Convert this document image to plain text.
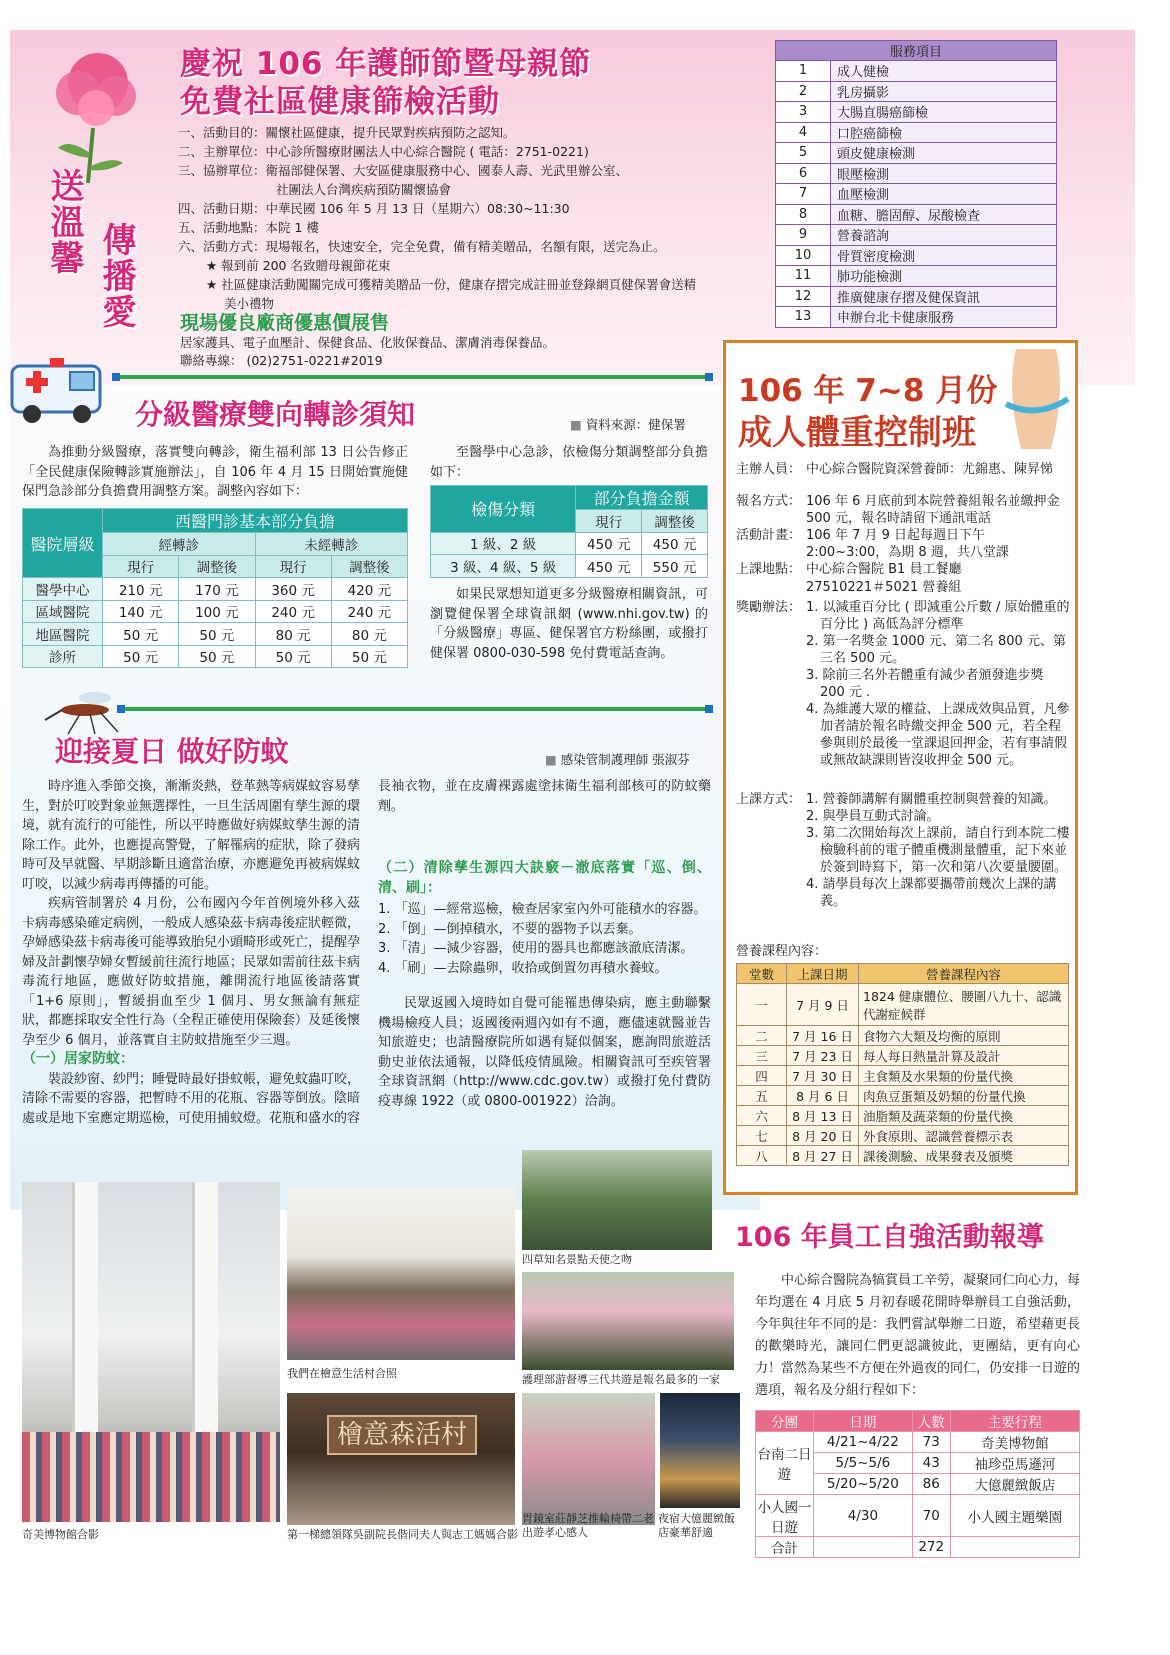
送溫馨 傳播愛
慶祝 106 年護師節暨母親節
免費社區健康篩檢活動
一、活動目的：關懷社區健康，提升民眾對疾病預防之認知。
二、主辦單位：中心診所醫療財團法人中心綜合醫院 ( 電話：2751-0221)
三、協辦單位：衛福部健保署、大安區健康服務中心、國泰人壽、光武里辦公室、
社團法人台灣疾病預防關懷協會
四、活動日期：中華民國 106 年 5 月 13 日（星期六）08:30~11:30
五、活動地點：本院 1 樓
六、活動方式：現場報名，快速安全，完全免費，備有精美贈品，名額有限，送完為止。
★ 報到前 200 名致贈母親節花束
★ 社區健康活動闖關完成可獲精美贈品一份，健康存摺完成註冊並登錄網頁健保署會送精
美小禮物
現場優良廠商優惠價展售
居家護具、電子血壓計、保健食品、化妝保養品、潔膚消毒保養品。
聯絡專線： (02)2751-0221#2019
服務項目	
1	成人健檢
2	乳房攝影
3	大腸直腸癌篩檢
4	口腔癌篩檢
5	頭皮健康檢測
6	眼壓檢測
7	血壓檢測
8	血糖、膽固醇、尿酸檢查
9	營養諮詢
10	骨質密度檢測
11	肺功能檢測
12	推廣健康存摺及健保資訊
13	申辦台北卡健康服務
分級醫療雙向轉診須知	■ 資料來源：健保署
為推動分級醫療，落實雙向轉診，衛生福利部 13 日公告修正「全民健康保險轉診實施辦法」，自 106 年 4 月 15 日開始實施健保門急診部分負擔費用調整方案。調整內容如下：
醫院層級	西醫門診基本部分負擔			
	經轉診		未經轉診	
	現行	調整後	現行	調整後
醫學中心	210 元	170 元	360 元	420 元
區域醫院	140 元	100 元	240 元	240 元
地區醫院	50 元	50 元	80 元	80 元
診所	50 元	50 元	50 元	50 元
至醫學中心急診，依檢傷分類調整部分負擔如下：
檢傷分類	部分負擔金額	
	現行	調整後
1 級、2 級	450 元	450 元
3 級、4 級、5 級	450 元	550 元
如果民眾想知道更多分級醫療相關資訊，可瀏覽健保署全球資訊網 (www.nhi.gov.tw) 的「分級醫療」專區、健保署官方粉絲團，或撥打健保署 0800-030-598 免付費電話查詢。
迎接夏日 做好防蚊	■ 感染管制護理師 張淑芬
時序進入季節交換，漸漸炎熱，登革熱等病媒蚊容易孳生，對於叮咬對象並無選擇性，一旦生活周圍有孳生源的環境，就有流行的可能性，所以平時應做好病媒蚊孳生源的清除工作。此外，也應提高警覺，了解罹病的症狀，除了發病時可及早就醫、早期診斷且適當治療，亦應避免再被病媒蚊叮咬，以減少病毒再傳播的可能。
疾病管制署於 4 月份，公布國內今年首例境外移入茲卡病毒感染確定病例，一般成人感染茲卡病毒後症狀輕微，孕婦感染茲卡病毒後可能導致胎兒小頭畸形或死亡，提醒孕婦及計劃懷孕婦女暫緩前往流行地區；民眾如需前往茲卡病毒流行地區，應做好防蚊措施，離開流行地區後請落實「1+6 原則」，暫緩捐血至少 1 個月、男女無論有無症狀，都應採取安全性行為（全程正確使用保險套）及延後懷孕至少 6 個月，並落實自主防蚊措施至少三週。
（一）居家防蚊：
裝設紗窗、紗門；睡覺時最好掛蚊帳，避免蚊蟲叮咬，清除不需要的容器，把暫時不用的花瓶、容器等倒放。陰暗處或是地下室應定期巡檢，可使用捕蚊燈。花瓶和盛水的容
長袖衣物，並在皮膚裸露處塗抹衛生福利部核可的防蚊藥劑。
（二）清除孳生源四大訣竅－澈底落實「巡、倒、清、刷」：
1. 「巡」—經常巡檢，檢查居家室內外可能積水的容器。
2. 「倒」—倒掉積水，不要的器物予以丟棄。
3. 「清」—減少容器，使用的器具也都應該澈底清潔。
4. 「刷」—去除蟲卵，收拾或倒置勿再積水養蚊。
民眾返國入境時如自覺可能罹患傳染病，應主動聯繫機場檢疫人員；返國後兩週內如有不適，應儘速就醫並告知旅遊史；也請醫療院所如遇有疑似個案，應詢問旅遊活動史並依法通報，以降低疫情風險。相關資訊可至疾管署全球資訊網（http://www.cdc.gov.tw）或撥打免付費防疫專線 1922（或 0800-001922）洽詢。
106 年 7~8 月份
成人體重控制班
主辦人員： 中心綜合醫院資深營養師：尤錦惠、陳昇悌
報名方式： 106 年 6 月底前到本院營養組報名並繳押金 500 元，報名時請留下通訊電話
活動計畫： 106 年 7 月 9 日起每週日下午 2:00~3:00，為期 8 週，共八堂課
上課地點： 中心綜合醫院 B1 員工餐廳
27510221＃5021 營養組
獎勵辦法： 1. 以減重百分比 ( 即減重公斤數 / 原始體重的百分比 ) 高低為評分標準
2. 第一名獎金 1000 元、第二名 800 元、第三名 500 元。
3. 除前三名外若體重有減少者頒發進步獎 200 元 .
4. 為維護大眾的權益、上課成效與品質，凡參加者請於報名時繳交押金 500 元，若全程參與則於最後一堂課退回押金，若有事請假或無故缺課則皆沒收押金 500 元。
上課方式： 1. 營養師講解有關體重控制與營養的知識。
2. 與學員互動式討論。
3. 第二次開始每次上課前，請自行到本院二樓檢驗科前的電子體重機測量體重，記下來並於簽到時寫下，第一次和第八次要量腰圍。
4. 請學員每次上課都要攜帶前幾次上課的講義。
營養課程內容：
堂數	上課日期	營養課程內容
一	7 月 9 日	1824 健康體位、腰圍八九十、認識代謝症候群
二	7 月 16 日	食物六大類及均衡的原則
三	7 月 23 日	每人每日熱量計算及設計
四	7 月 30 日	主食類及水果類的份量代換
五	8 月 6 日	肉魚豆蛋類及奶類的份量代換
六	8 月 13 日	油脂類及蔬菜類的份量代換
七	8 月 20 日	外食原則、認識營養標示表
八	8 月 27 日	課後測驗、成果發表及頒獎
106 年員工自強活動報導
中心綜合醫院為犒賞員工辛勞，凝聚同仁向心力，每年均選在 4 月底 5 月初春暖花開時舉辦員工自強活動，今年與往年不同的是：我們嘗試舉辦二日遊，希望藉更長的歡樂時光，讓同仁們更認識彼此，更團結，更有向心力！當然為某些不方便在外過夜的同仁，仍安排一日遊的選項，報名及分組行程如下：
分團	日期	人數	主要行程
台南二日遊	4/21~4/22	73	奇美博物館
	5/5~5/6	43	袖珍亞馬遜河
	5/20~5/20	86	大億麗緻飯店
小人國一日遊	4/30	70	小人國主題樂園
合計		272	
奇美博物館合影
我們在檜意生活村合照
四草知名景點天使之吻
護理部游督導三代共遊是報名最多的一家
檜意森活村
第一梯總領隊吳副院長偕同夫人與志工媽媽合影
胃鏡室莊靜芝推輪椅帶二老出遊孝心感人
夜宿大億麗緻飯店豪華舒適
